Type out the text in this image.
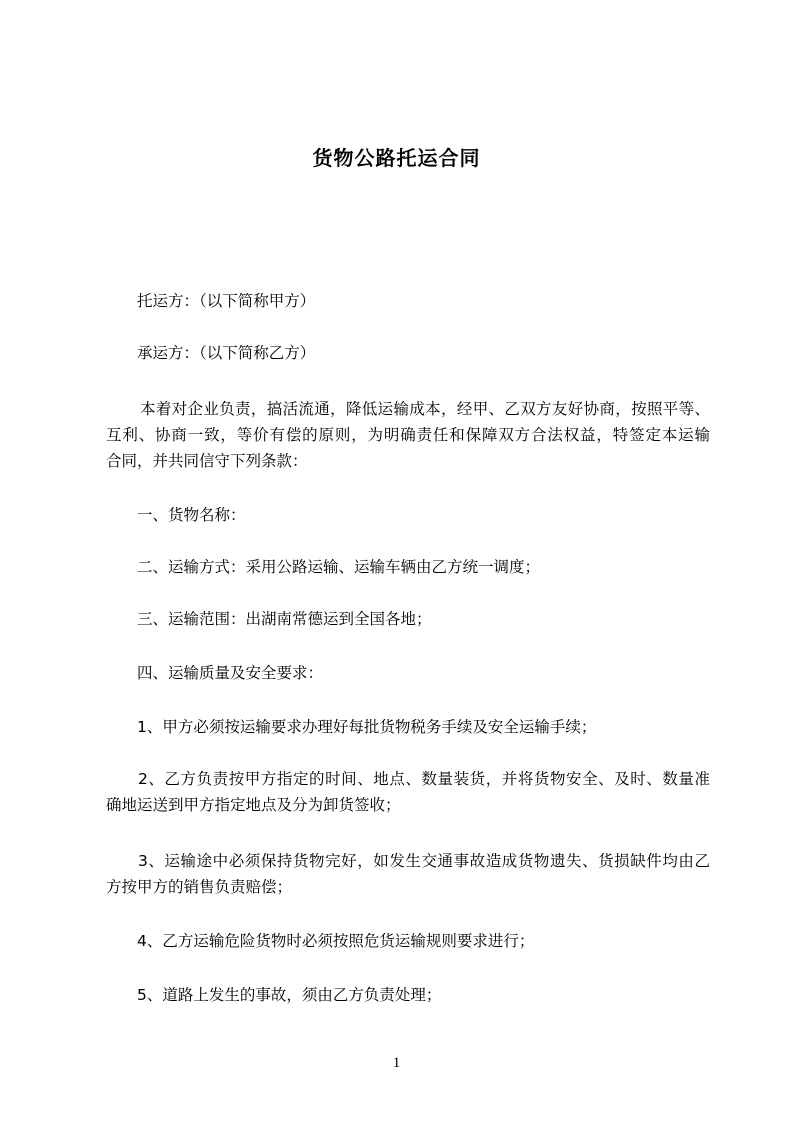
货物公路托运合同
托运方：（以下简称甲方）
承运方：（以下简称乙方）
本着对企业负责，搞活流通，降低运输成本，经甲、乙双方友好协商，按照平等、
互利、协商一致，等价有偿的原则，为明确责任和保障双方合法权益，特签定本运输
合同，并共同信守下列条款：
一、货物名称：
二、运输方式：采用公路运输、运输车辆由乙方统一调度；
三、运输范围：出湖南常德运到全国各地；
四、运输质量及安全要求：
1、甲方必须按运输要求办理好每批货物税务手续及安全运输手续；
2、乙方负责按甲方指定的时间、地点、数量装货，并将货物安全、及时、数量准
确地运送到甲方指定地点及分为卸货签收；
3、运输途中必须保持货物完好，如发生交通事故造成货物遗失、货损缺件均由乙
方按甲方的销售负责赔偿；
4、乙方运输危险货物时必须按照危货运输规则要求进行；
5、道路上发生的事故，须由乙方负责处理；
1
